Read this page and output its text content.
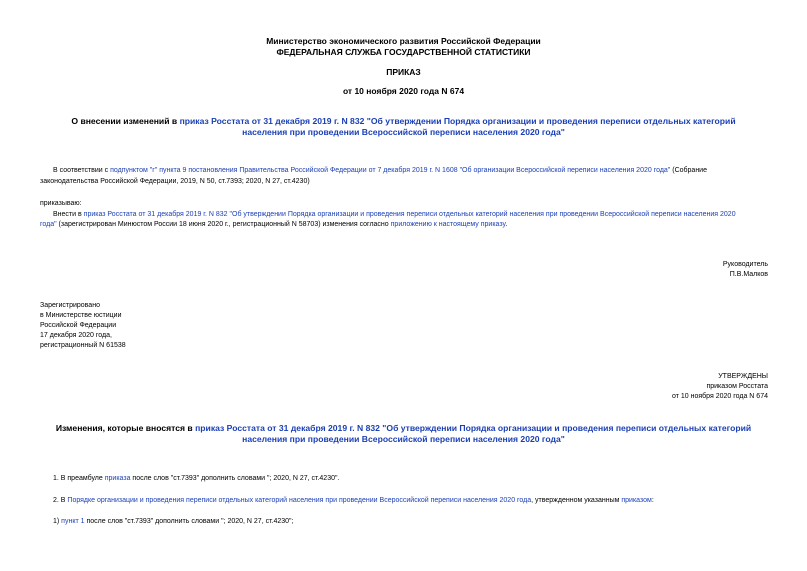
Министерство экономического развития Российской Федерации
ФЕДЕРАЛЬНАЯ СЛУЖБА ГОСУДАРСТВЕННОЙ СТАТИСТИКИ
ПРИКАЗ
от 10 ноября 2020 года N 674
О внесении изменений в приказ Росстата от 31 декабря 2019 г. N 832 "Об утверждении Порядка организации и проведения переписи отдельных категорий
населения при проведении Всероссийской переписи населения 2020 года"
В соответствии с подпунктом "г" пункта 9 постановления Правительства Российской Федерации от 7 декабря 2019 г. N 1608 "Об организации Всероссийской переписи населения 2020 года" (Собрание
законодательства Российской Федерации, 2019, N 50, ст.7393; 2020, N 27, ст.4230)
приказываю:
Внести в приказ Росстата от 31 декабря 2019 г. N 832 "Об утверждении Порядка организации и проведения переписи отдельных категорий населения при проведении Всероссийской переписи населения 2020
года" (зарегистрирован Минюстом России 18 июня 2020 г., регистрационный N 58703) изменения согласно приложению к настоящему приказу.
Руководитель
П.В.Малков
Зарегистрировано
в Министерстве юстиции
Российской Федерации
17 декабря 2020 года,
регистрационный N 61538
УТВЕРЖДЕНЫ
приказом Росстата
от 10 ноября 2020 года N 674
Изменения, которые вносятся в приказ Росстата от 31 декабря 2019 г. N 832 "Об утверждении Порядка организации и проведения переписи отдельных категорий
населения при проведении Всероссийской переписи населения 2020 года"
1. В преамбуле приказа после слов "ст.7393" дополнить словами "; 2020, N 27, ст.4230".
2. В Порядке организации и проведения переписи отдельных категорий населения при проведении Всероссийской переписи населения 2020 года, утвержденном указанным приказом:
1) пункт 1 после слов "ст.7393" дополнить словами "; 2020, N 27, ст.4230";
